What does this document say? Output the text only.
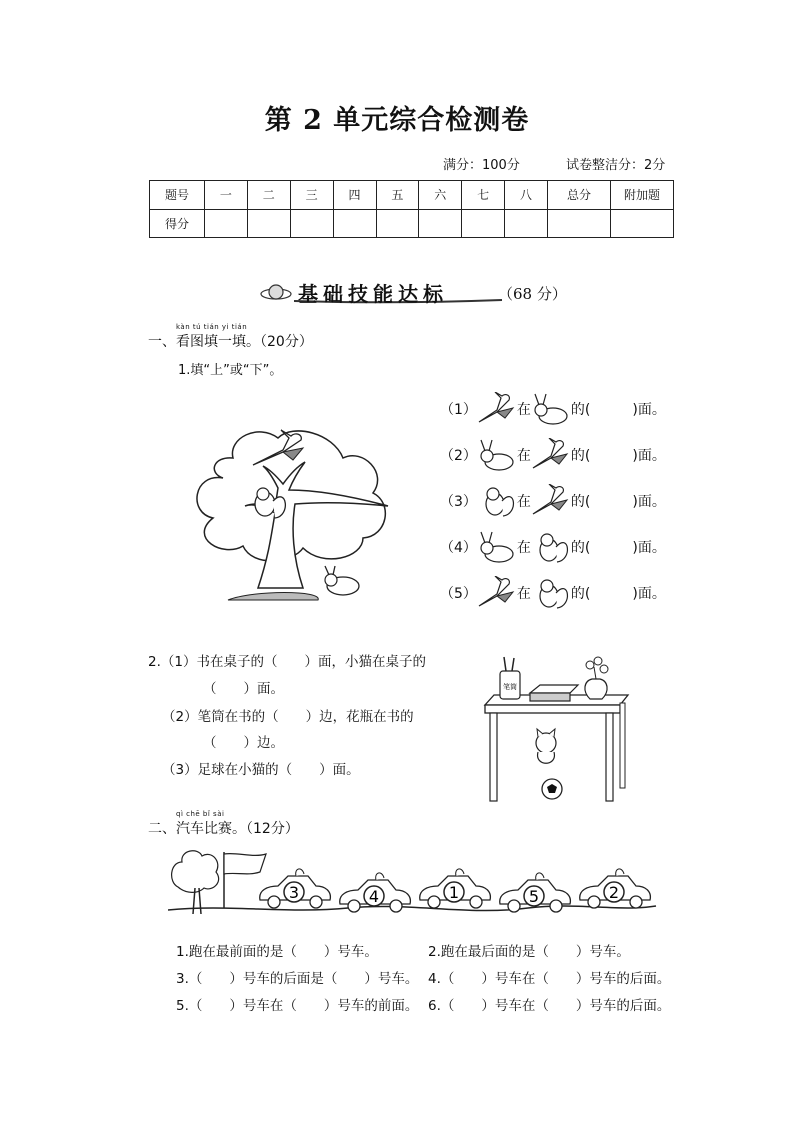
第 2 单元综合检测卷
满分：100分	试卷整洁分：2分
题号	一	二	三	四	五	六	七	八	总分	附加题
得分										
基础技能达标	（68 分）
kàn tú tián yi tián
一、看图填一填。（20分）
1.填“上”或“下”。
（1）	在	的(　　　)面。
（2）	在	的(　　　)面。
（3）	在	的(　　　)面。
（4）	在	的(　　　)面。
（5）	在	的(　　　)面。
2.（1）书在桌子的（　　）面，小猫在桌子的
（　　）面。
（2）笔筒在书的（　　）边，花瓶在书的
（　　）边。
（3）足球在小猫的（　　）面。
笔筒
qì chē bǐ sài
二、汽车比赛。（12分）
3	4	1	5	2
1.跑在最前面的是（　　）号车。	2.跑在最后面的是（　　）号车。
3.（　　）号车的后面是（　　）号车。 4.（　　）号车在（　　）号车的后面。
5.（　　）号车在（　　）号车的前面。 6.（　　）号车在（　　）号车的后面。
